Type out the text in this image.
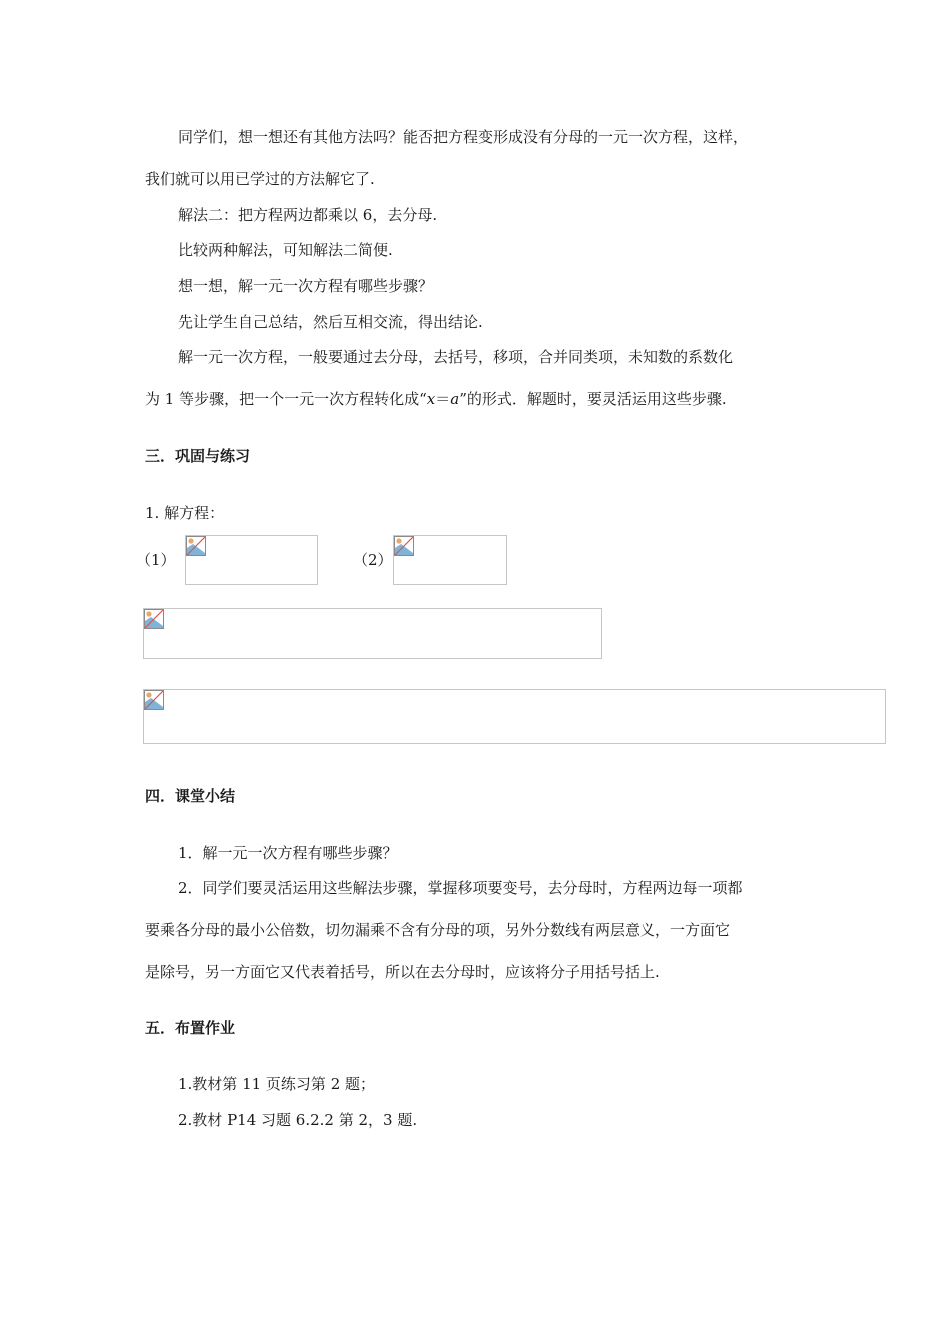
同学们，想一想还有其他方法吗？能否把方程变形成没有分母的一元一次方程，这样，
我们就可以用已学过的方法解它了.
解法二：把方程两边都乘以 6，去分母.
比较两种解法，可知解法二简便.
想一想，解一元一次方程有哪些步骤？
先让学生自己总结，然后互相交流，得出结论.
解一元一次方程，一般要通过去分母，去括号，移项，合并同类项，未知数的系数化
为 1 等步骤，把一个一元一次方程转化成“x＝a”的形式．解题时，要灵活运用这些步骤.
三．巩固与练习
1. 解方程：
（1）	（2）
四．课堂小结
1．解一元一次方程有哪些步骤？
2．同学们要灵活运用这些解法步骤，掌握移项要变号，去分母时，方程两边每一项都
要乘各分母的最小公倍数，切勿漏乘不含有分母的项，另外分数线有两层意义，一方面它
是除号，另一方面它又代表着括号，所以在去分母时，应该将分子用括号括上.
五．布置作业
1.教材第 11 页练习第 2 题；
2.教材 P14 习题 6.2.2 第 2，3 题.
